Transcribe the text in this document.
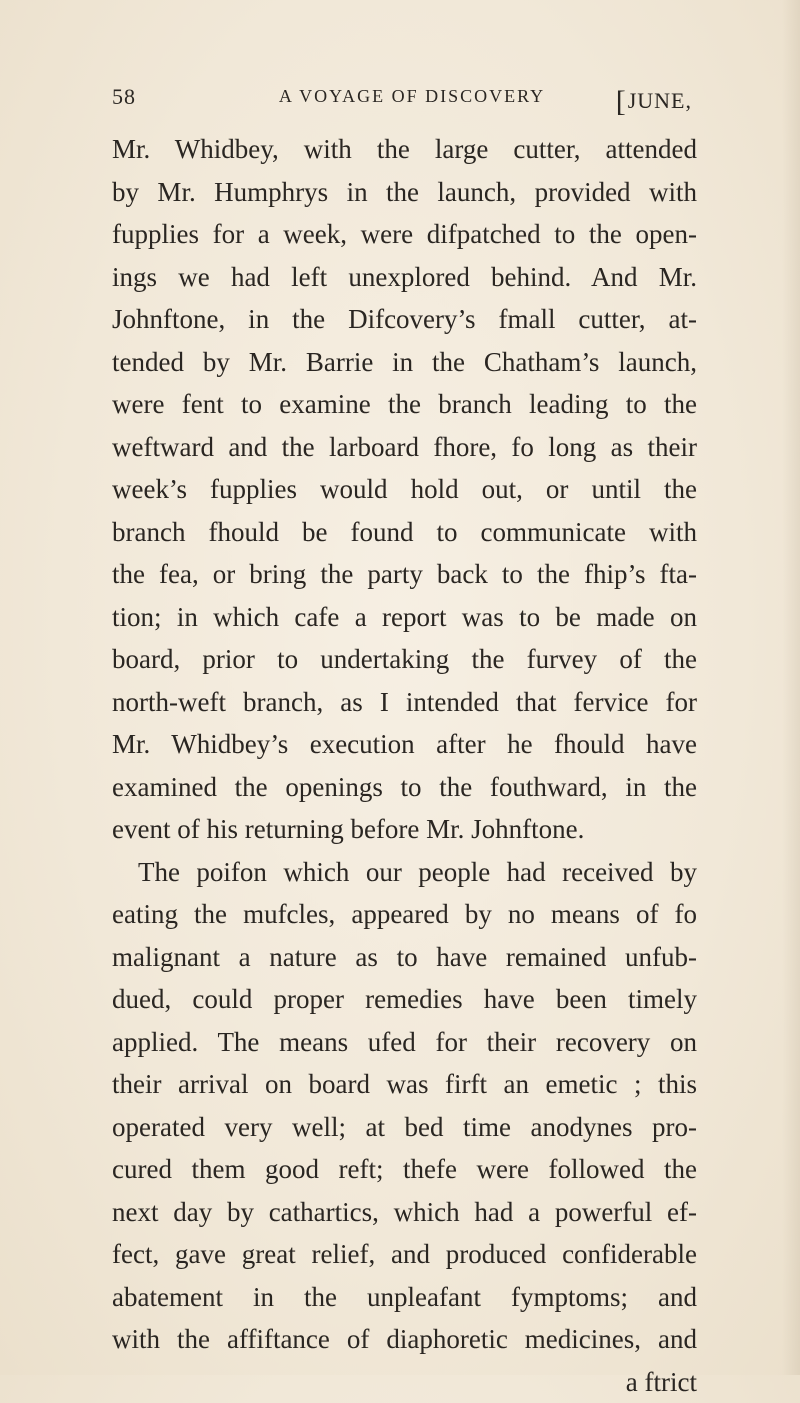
58	A VOYAGE OF DISCOVERY	[JUNE,
Mr. Whidbey, with the large cutter, attended
by Mr. Humphrys in the launch, provided with
fupplies for a week, were difpatched to the open-
ings we had left unexplored behind. And Mr.
Johnftone, in the Difcovery’s fmall cutter, at-
tended by Mr. Barrie in the Chatham’s launch,
were fent to examine the branch leading to the
weftward and the larboard fhore, fo long as their
week’s fupplies would hold out, or until the
branch fhould be found to communicate with
the fea, or bring the party back to the fhip’s fta-
tion; in which cafe a report was to be made on
board, prior to undertaking the furvey of the
north-weft branch, as I intended that fervice for
Mr. Whidbey’s execution after he fhould have
examined the openings to the fouthward, in the
event of his returning before Mr. Johnftone.
The poifon which our people had received by
eating the mufcles, appeared by no means of fo
malignant a nature as to have remained unfub-
dued, could proper remedies have been timely
applied. The means ufed for their recovery on
their arrival on board was firft an emetic ; this
operated very well; at bed time anodynes pro-
cured them good reft; thefe were followed the
next day by cathartics, which had a powerful ef-
fect, gave great relief, and produced confiderable
abatement in the unpleafant fymptoms; and
with the affiftance of diaphoretic medicines, and
a ftrict
